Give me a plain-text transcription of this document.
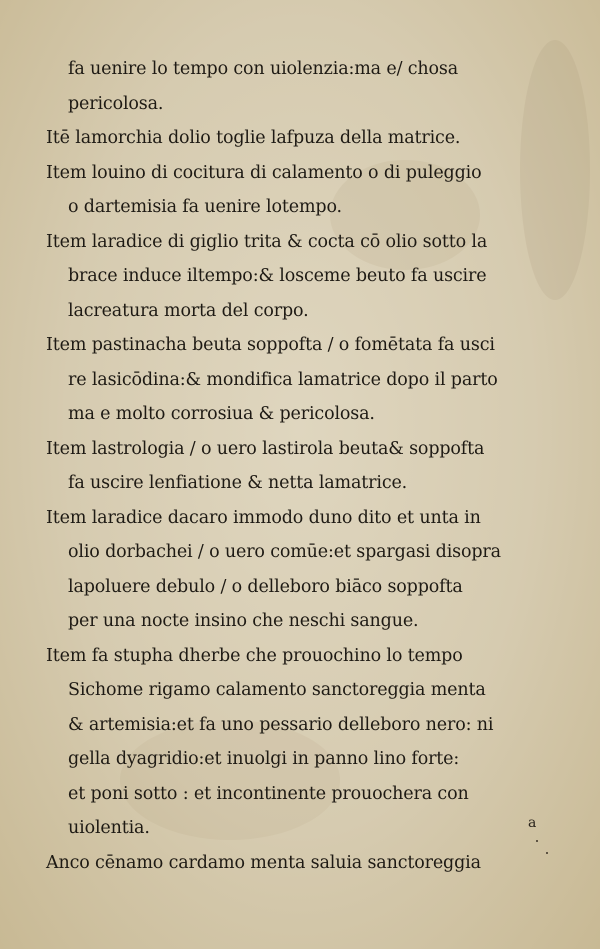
fa uenire lo tempo con uiolenzia:ma e/ chosa
pericolosa.
Itē lamorchia dolio toglie lafpuza della matrice.
Item louino di cocitura di calamento o di puleggio
o dartemisia fa uenire lotempo.
Item laradice di giglio trita & cocta cō olio sotto la
brace induce iltempo:& losceme beuto fa uscire
lacreatura morta del corpo.
Item pastinacha beuta soppofta / o fomētata fa usci
re lasicōdina:& mondifica lamatrice dopo il parto
ma e molto corrosiua & pericolosa.
Item lastrologia / o uero lastirola beuta& soppofta
fa uscire lenfiatione & netta lamatrice.
Item laradice dacaro immodo duno dito et unta in
olio dorbachei / o uero comūe:et spargasi disopra
lapoluere debulo / o delleboro biāco soppofta
per una nocte insino che neschi sangue.
Item fa stupha dherbe che prouochino lo tempo
Sichome rigamo calamento sanctoreggia menta
& artemisia:et fa uno pessario delleboro nero: ni
gella dyagridio:et inuolgi in panno lino forte:
et poni sotto : et incontinente prouochera con
uiolentia.
Anco cēnamo cardamo menta saluia sanctoreggia
a
